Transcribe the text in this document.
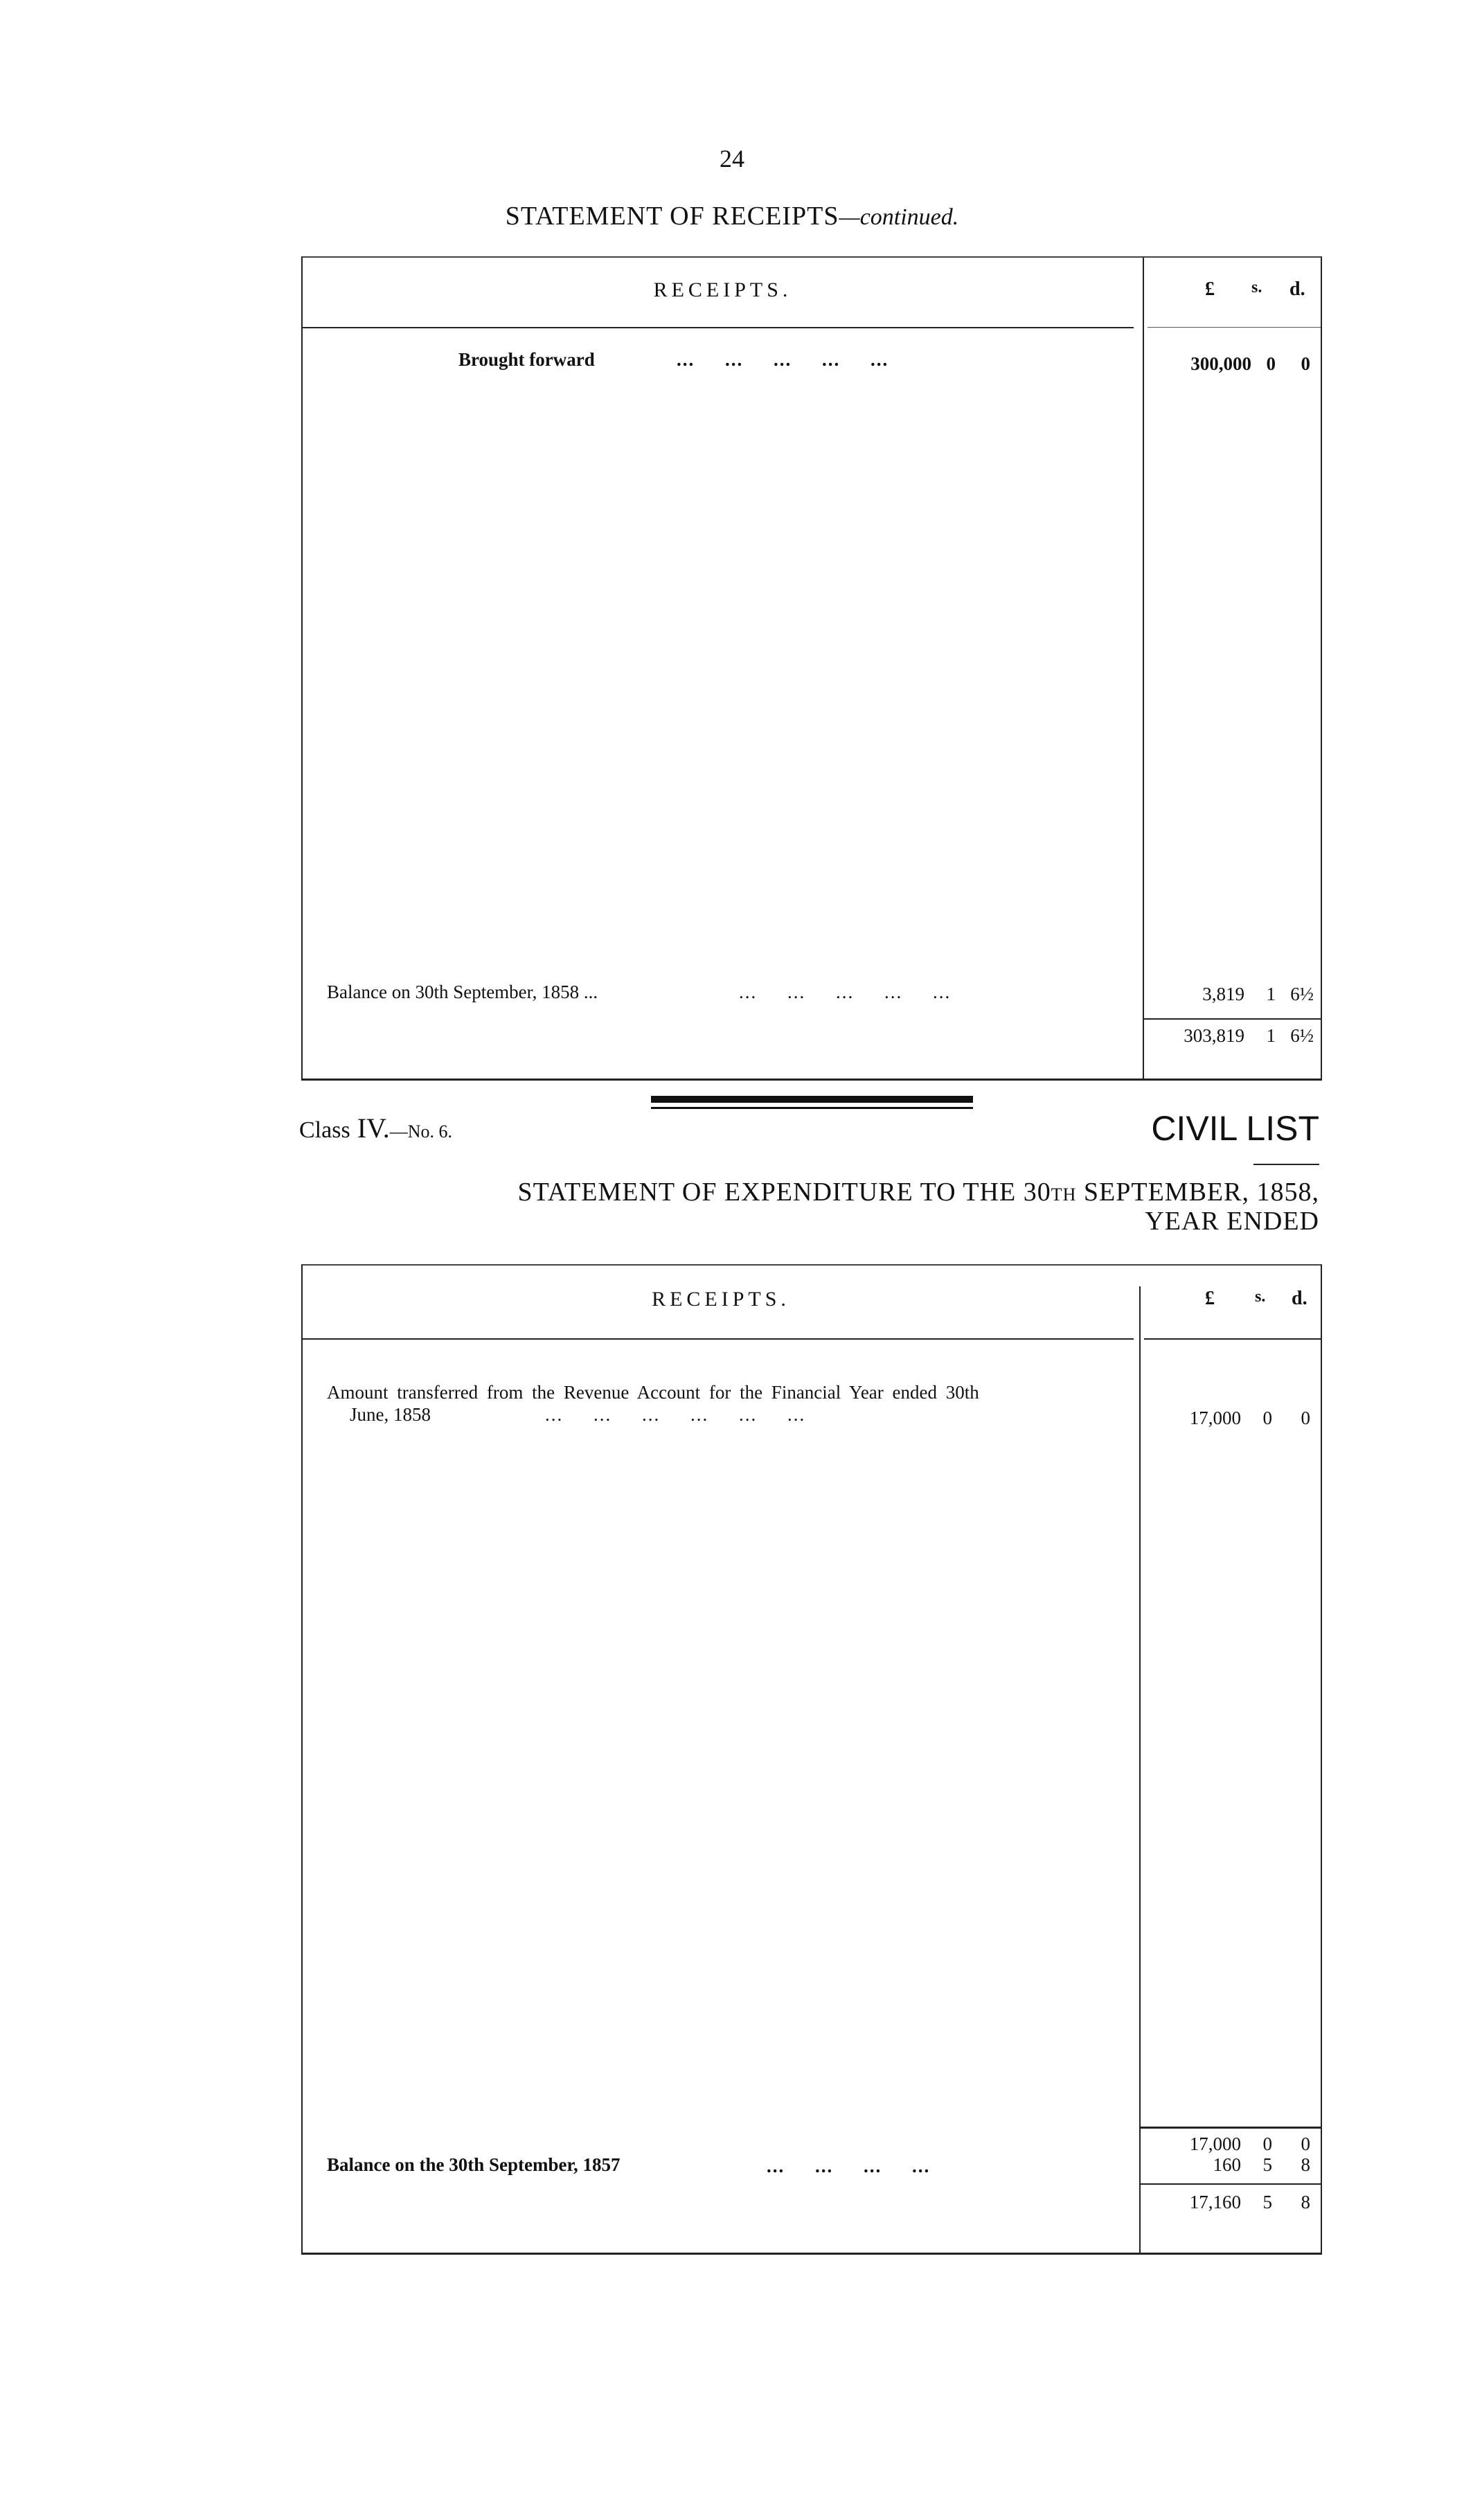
24
STATEMENT OF RECEIPTS—continued.
RECEIPTS.	£ s. d.
Brought forward	...     ...     ...     ...     ...	300,000 0	0
Balance on 30th September, 1858 ...	...     ...     ...     ...     ...	3,819 1 6½
303,819 1 6½
Class IV.—No. 6.	CIVIL LIST
STATEMENT OF EXPENDITURE TO THE 30TH SEPTEMBER, 1858,
YEAR ENDED
RECEIPTS.	£ s. d.
Amount transferred from the Revenue Account for the Financial Year ended 30th
June, 1858	...     ...     ...     ...     ...     ...	17,000 0	0
17,000 0	0
Balance on the 30th September, 1857	...     ...     ...     ...	160 5	8
17,160 5	8
